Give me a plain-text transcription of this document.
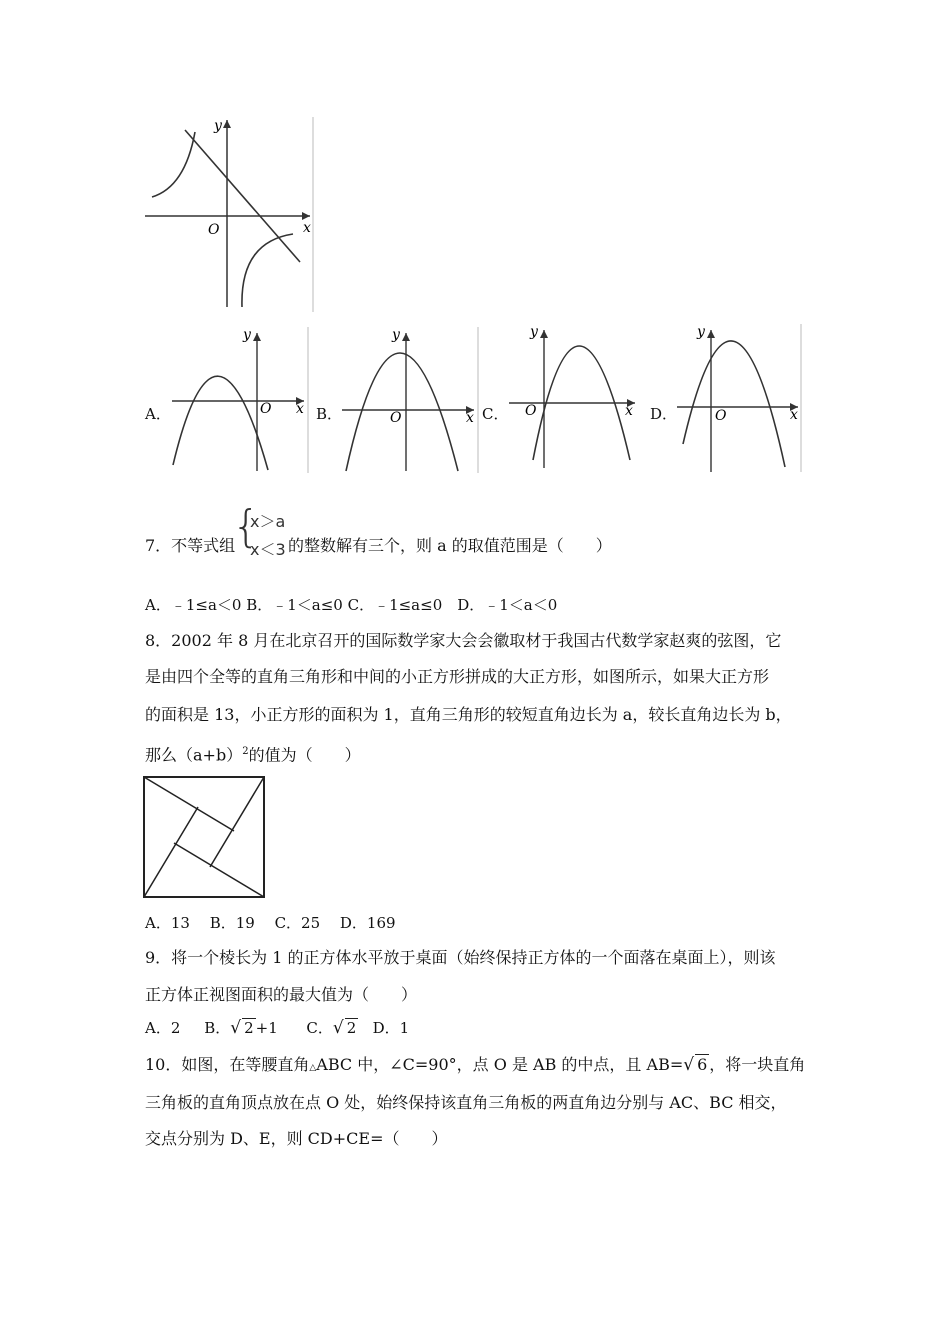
x
y
O
A．	x
y
O	B．	x
y
O	C．	x
y
O	D．	x
y
O
7．不等式组
{
x＞a
x＜3 的整数解有三个，则 a 的取值范围是（　　）
A．﹣1≤a＜0 B．﹣1＜a≤0 C．﹣1≤a≤0　D．﹣1＜a＜0
8．2002 年 8 月在北京召开的国际数学家大会会徽取材于我国古代数学家赵爽的弦图，它
是由四个全等的直角三角形和中间的小正方形拼成的大正方形，如图所示，如果大正方形
的面积是 13，小正方形的面积为 1，直角三角形的较短直角边长为 a，较长直角边长为 b，
那么$(a+b)^2$的值为（　　）
A．13　 B．19　 C．25　 D．169
9．将一个棱长为 1 的正方体水平放于桌面（始终保持正方体的一个面落在桌面上），则该
正方体正视图面积的最大值为（　　）
A．2 B．√ 2 +1 C．√ 2 D．1
10．如图，在等腰直角△ABC 中，∠C=90°，点 O 是 AB 的中点，且 AB=√ 6 ，将一块直角
三角板的直角顶点放在点 O 处，始终保持该直角三角板的两直角边分别与 AC、BC 相交，
交点分别为 D、E，则 CD+CE=（　　）
